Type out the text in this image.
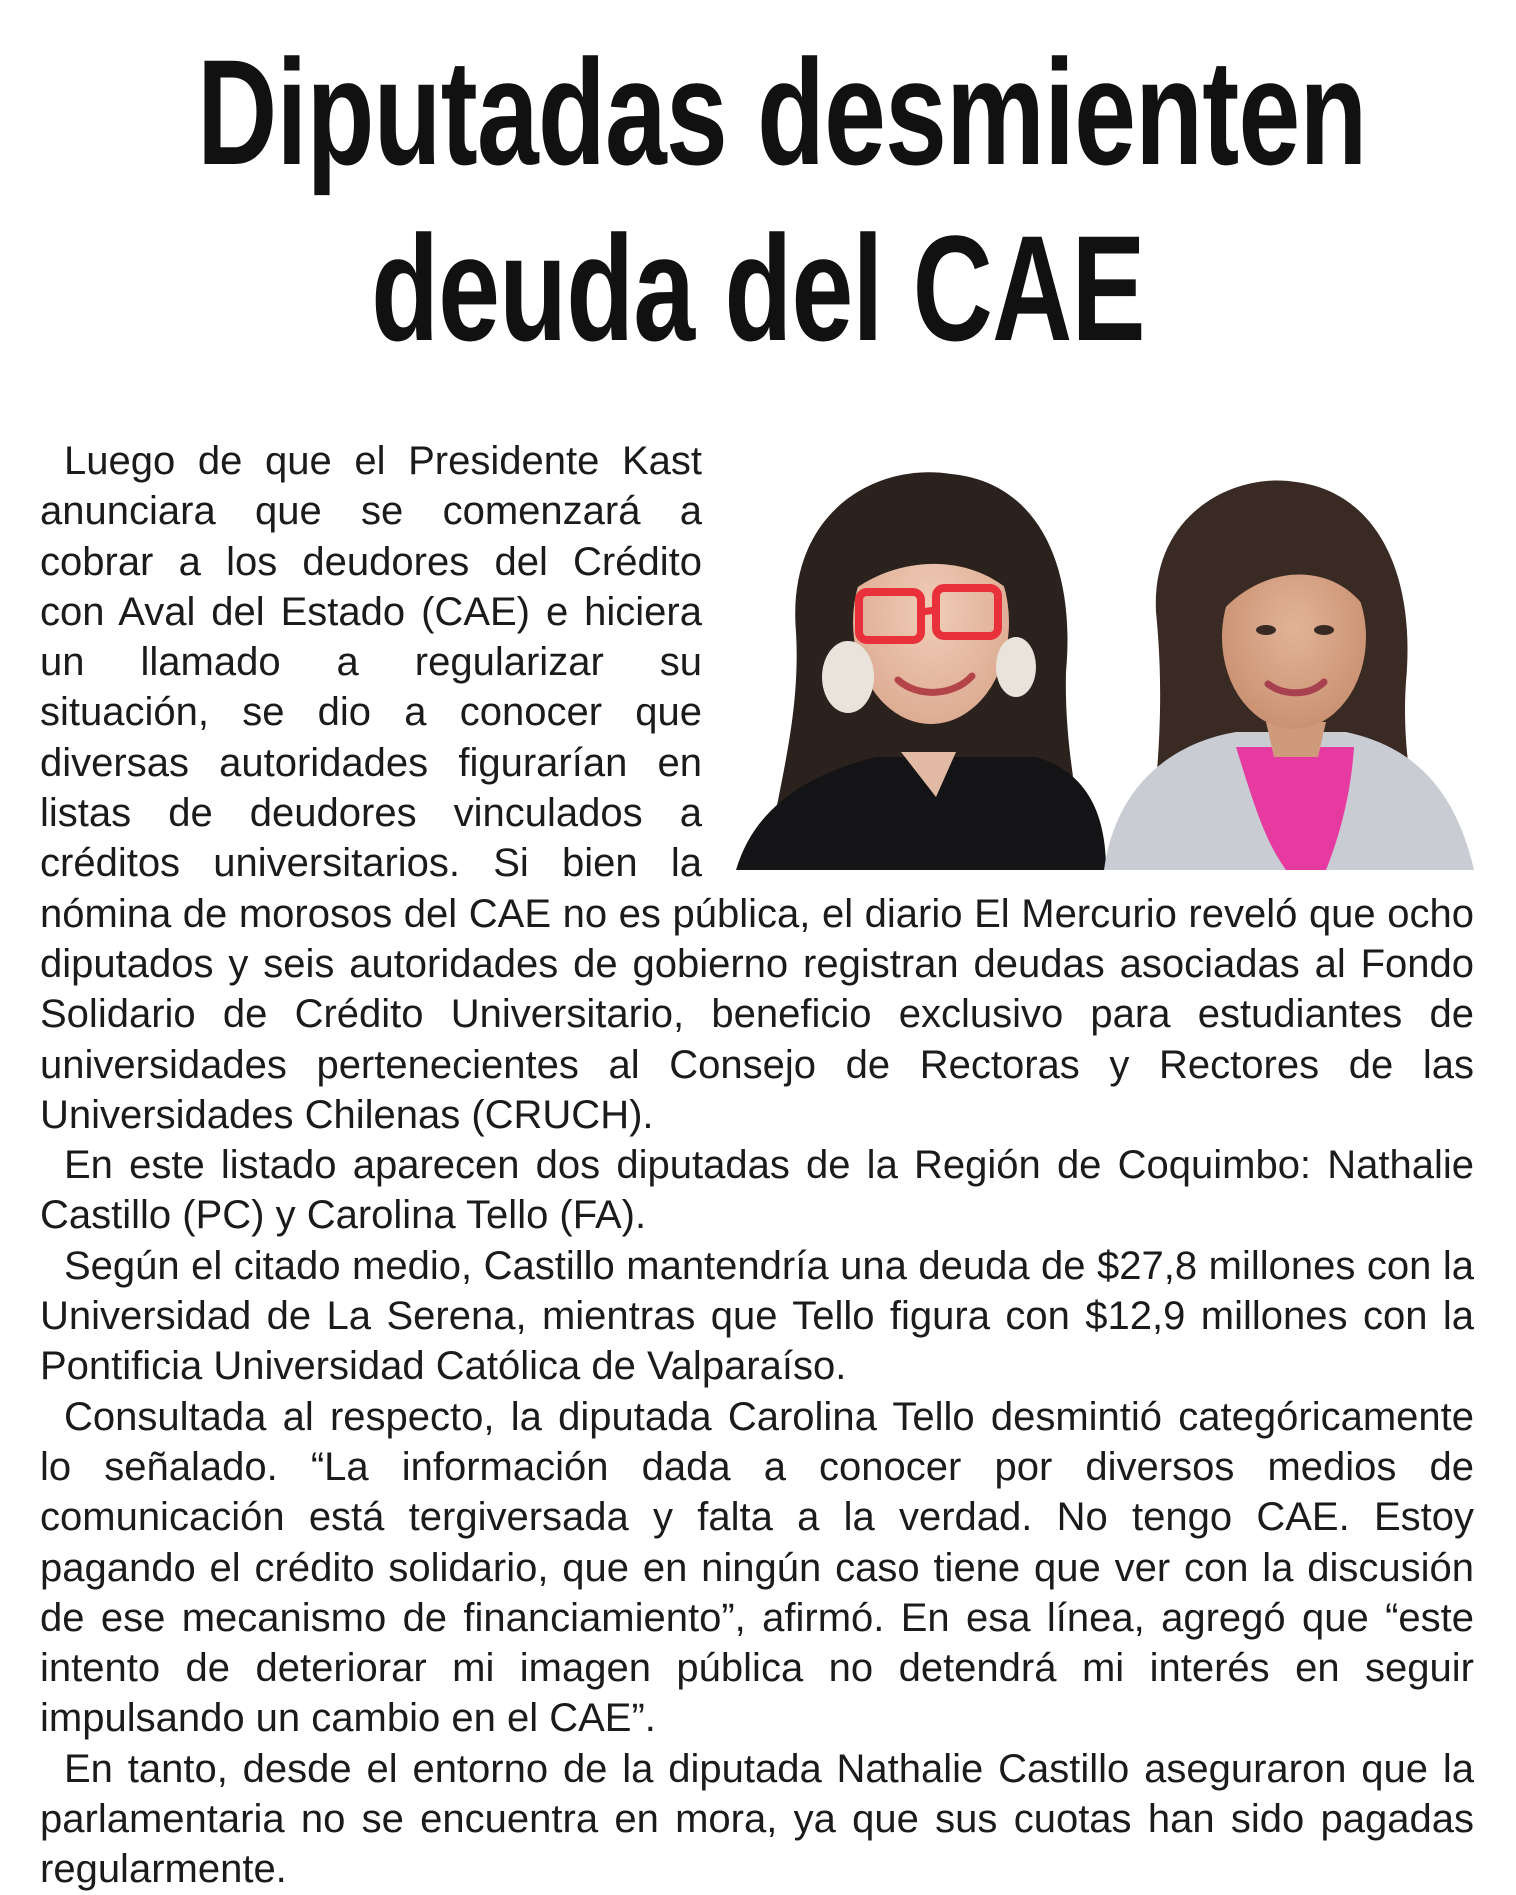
Diputadas desmienten
deuda del CAE

Luego de que el Presidente Kast anunciara que se comenzará a cobrar a los deudores del Crédito con Aval del Estado (CAE) e hiciera un llamado a regularizar su situación, se dio a conocer que diversas autoridades figurarían en listas de deudores vinculados a créditos universitarios. Si bien la nómina de morosos del CAE no es pública, el diario El Mercurio reveló que ocho diputados y seis autoridades de gobierno registran deudas asociadas al Fondo Solidario de Crédito Universitario, beneficio exclusivo para estudiantes de universidades pertenecientes al Consejo de Rectoras y Rectores de las Universidades Chilenas (CRUCH).

En este listado aparecen dos diputadas de la Región de Coquimbo: Nathalie Castillo (PC) y Carolina Tello (FA).

Según el citado medio, Castillo mantendría una deuda de $27,8 millones con la Universidad de La Serena, mientras que Tello figura con $12,9 millones con la Pontificia Universidad Católica de Valparaíso.

Consultada al respecto, la diputada Carolina Tello desmintió categóricamente lo señalado. “La información dada a conocer por diversos medios de comunicación está tergiversada y falta a la verdad. No tengo CAE. Estoy pagando el crédito solidario, que en ningún caso tiene que ver con la discusión de ese mecanismo de financiamiento”, afirmó. En esa línea, agregó que “este intento de deteriorar mi imagen pública no detendrá mi interés en seguir impulsando un cambio en el CAE”.

En tanto, desde el entorno de la diputada Nathalie Castillo aseguraron que la parlamentaria no se encuentra en mora, ya que sus cuotas han sido pagadas regularmente.
